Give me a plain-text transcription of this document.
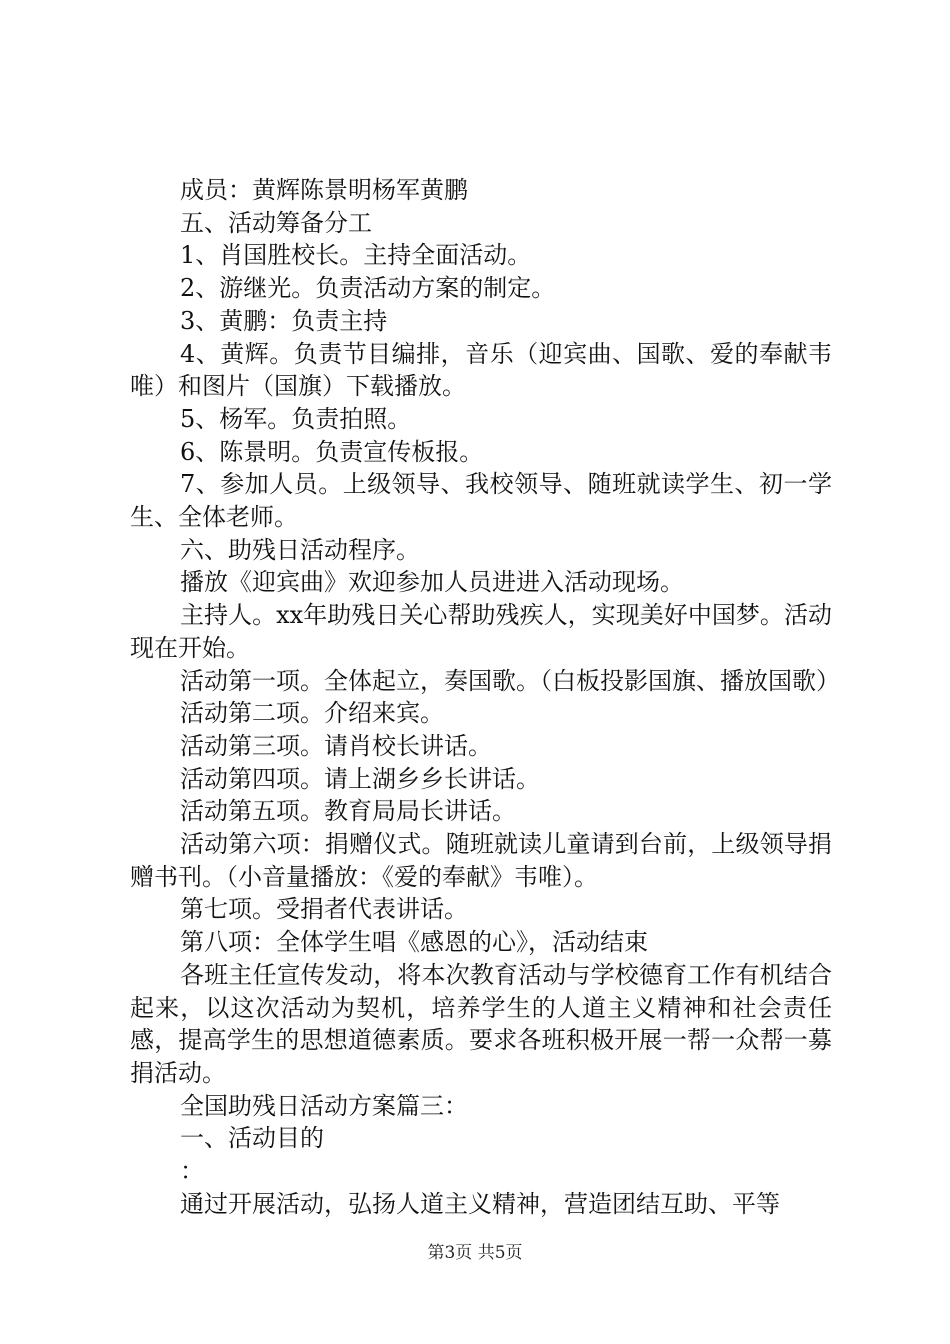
成员：黄辉陈景明杨军黄鹏

五、活动筹备分工

1、肖国胜校长。主持全面活动。

2、游继光。负责活动方案的制定。

3、黄鹏：负责主持

4、黄辉。负责节目编排，音乐（迎宾曲、国歌、爱的奉献韦唯）和图片（国旗）下载播放。

5、杨军。负责拍照。

6、陈景明。负责宣传板报。

7、参加人员。上级领导、我校领导、随班就读学生、初一学生、全体老师。

六、助残日活动程序。

播放《迎宾曲》欢迎参加人员进进入活动现场。

主持人。xx年助残日关心帮助残疾人，实现美好中国梦。活动现在开始。

活动第一项。全体起立，奏国歌。（白板投影国旗、播放国歌）

活动第二项。介绍来宾。

活动第三项。请肖校长讲话。

活动第四项。请上湖乡乡长讲话。

活动第五项。教育局局长讲话。

活动第六项：捐赠仪式。随班就读儿童请到台前，上级领导捐赠书刊。（小音量播放：《爱的奉献》韦唯）。

第七项。受捐者代表讲话。

第八项：全体学生唱《感恩的心》，活动结束

各班主任宣传发动，将本次教育活动与学校德育工作有机结合起来，以这次活动为契机，培养学生的人道主义精神和社会责任感，提高学生的思想道德素质。要求各班积极开展一帮一众帮一募捐活动。

全国助残日活动方案篇三：

一、活动目的

：

通过开展活动，弘扬人道主义精神，营造团结互助、平等

第3页 共5页
